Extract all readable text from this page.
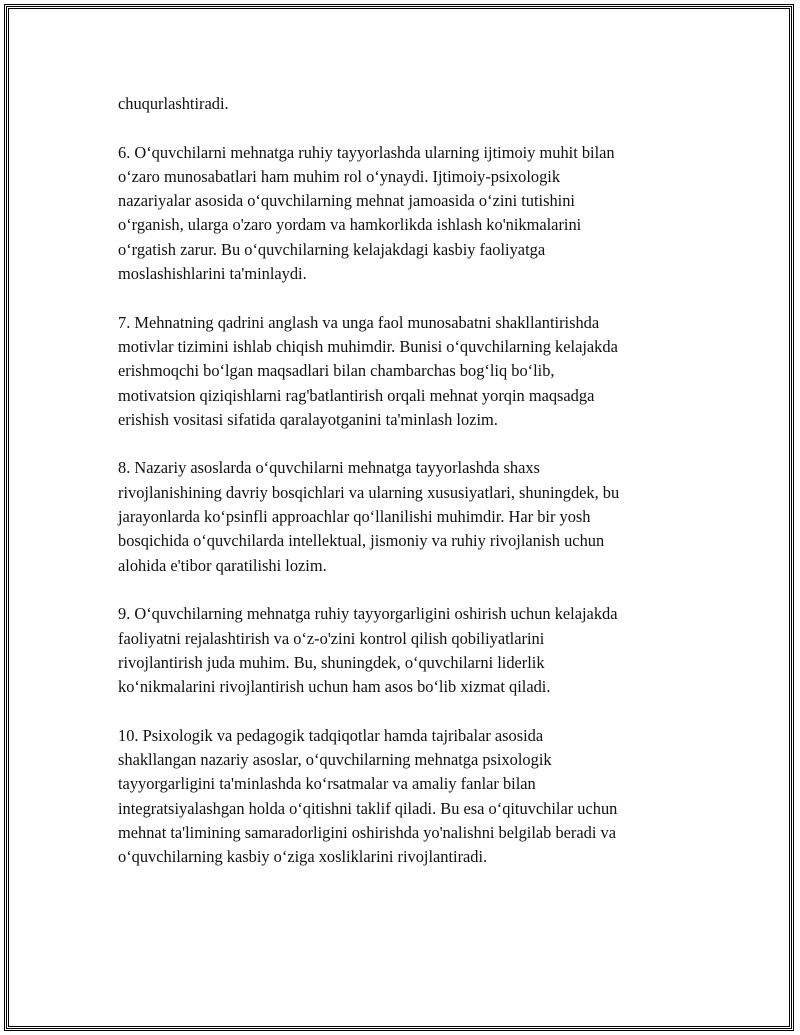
chuqurlashtiradi.

6. O‘quvchilarni mehnatga ruhiy tayyorlashda ularning ijtimoiy muhit bilan
o‘zaro munosabatlari ham muhim rol o‘ynaydi. Ijtimoiy-psixologik
nazariyalar asosida o‘quvchilarning mehnat jamoasida o‘zini tutishini
o‘rganish, ularga o'zaro yordam va hamkorlikda ishlash ko'nikmalarini
o‘rgatish zarur. Bu o‘quvchilarning kelajakdagi kasbiy faoliyatga
moslashishlarini ta'minlaydi.

7. Mehnatning qadrini anglash va unga faol munosabatni shakllantirishda
motivlar tizimini ishlab chiqish muhimdir. Bunisi o‘quvchilarning kelajakda
erishmoqchi bo‘lgan maqsadlari bilan chambarchas bog‘liq bo‘lib,
motivatsion qiziqishlarni rag'batlantirish orqali mehnat yorqin maqsadga
erishish vositasi sifatida qaralayotganini ta'minlash lozim.

8. Nazariy asoslarda o‘quvchilarni mehnatga tayyorlashda shaxs
rivojlanishining davriy bosqichlari va ularning xususiyatlari, shuningdek, bu
jarayonlarda ko‘psinfli approachlar qo‘llanilishi muhimdir. Har bir yosh
bosqichida o‘quvchilarda intellektual, jismoniy va ruhiy rivojlanish uchun
alohida e'tibor qaratilishi lozim.

9. O‘quvchilarning mehnatga ruhiy tayyorgarligini oshirish uchun kelajakda
faoliyatni rejalashtirish va o‘z-o'zini kontrol qilish qobiliyatlarini
rivojlantirish juda muhim. Bu, shuningdek, o‘quvchilarni liderlik
ko‘nikmalarini rivojlantirish uchun ham asos bo‘lib xizmat qiladi.

10. Psixologik va pedagogik tadqiqotlar hamda tajribalar asosida
shakllangan nazariy asoslar, o‘quvchilarning mehnatga psixologik
tayyorgarligini ta'minlashda ko‘rsatmalar va amaliy fanlar bilan
integratsiyalashgan holda o‘qitishni taklif qiladi. Bu esa o‘qituvchilar uchun
mehnat ta'limining samaradorligini oshirishda yo'nalishni belgilab beradi va
o‘quvchilarning kasbiy o‘ziga xosliklarini rivojlantiradi.
